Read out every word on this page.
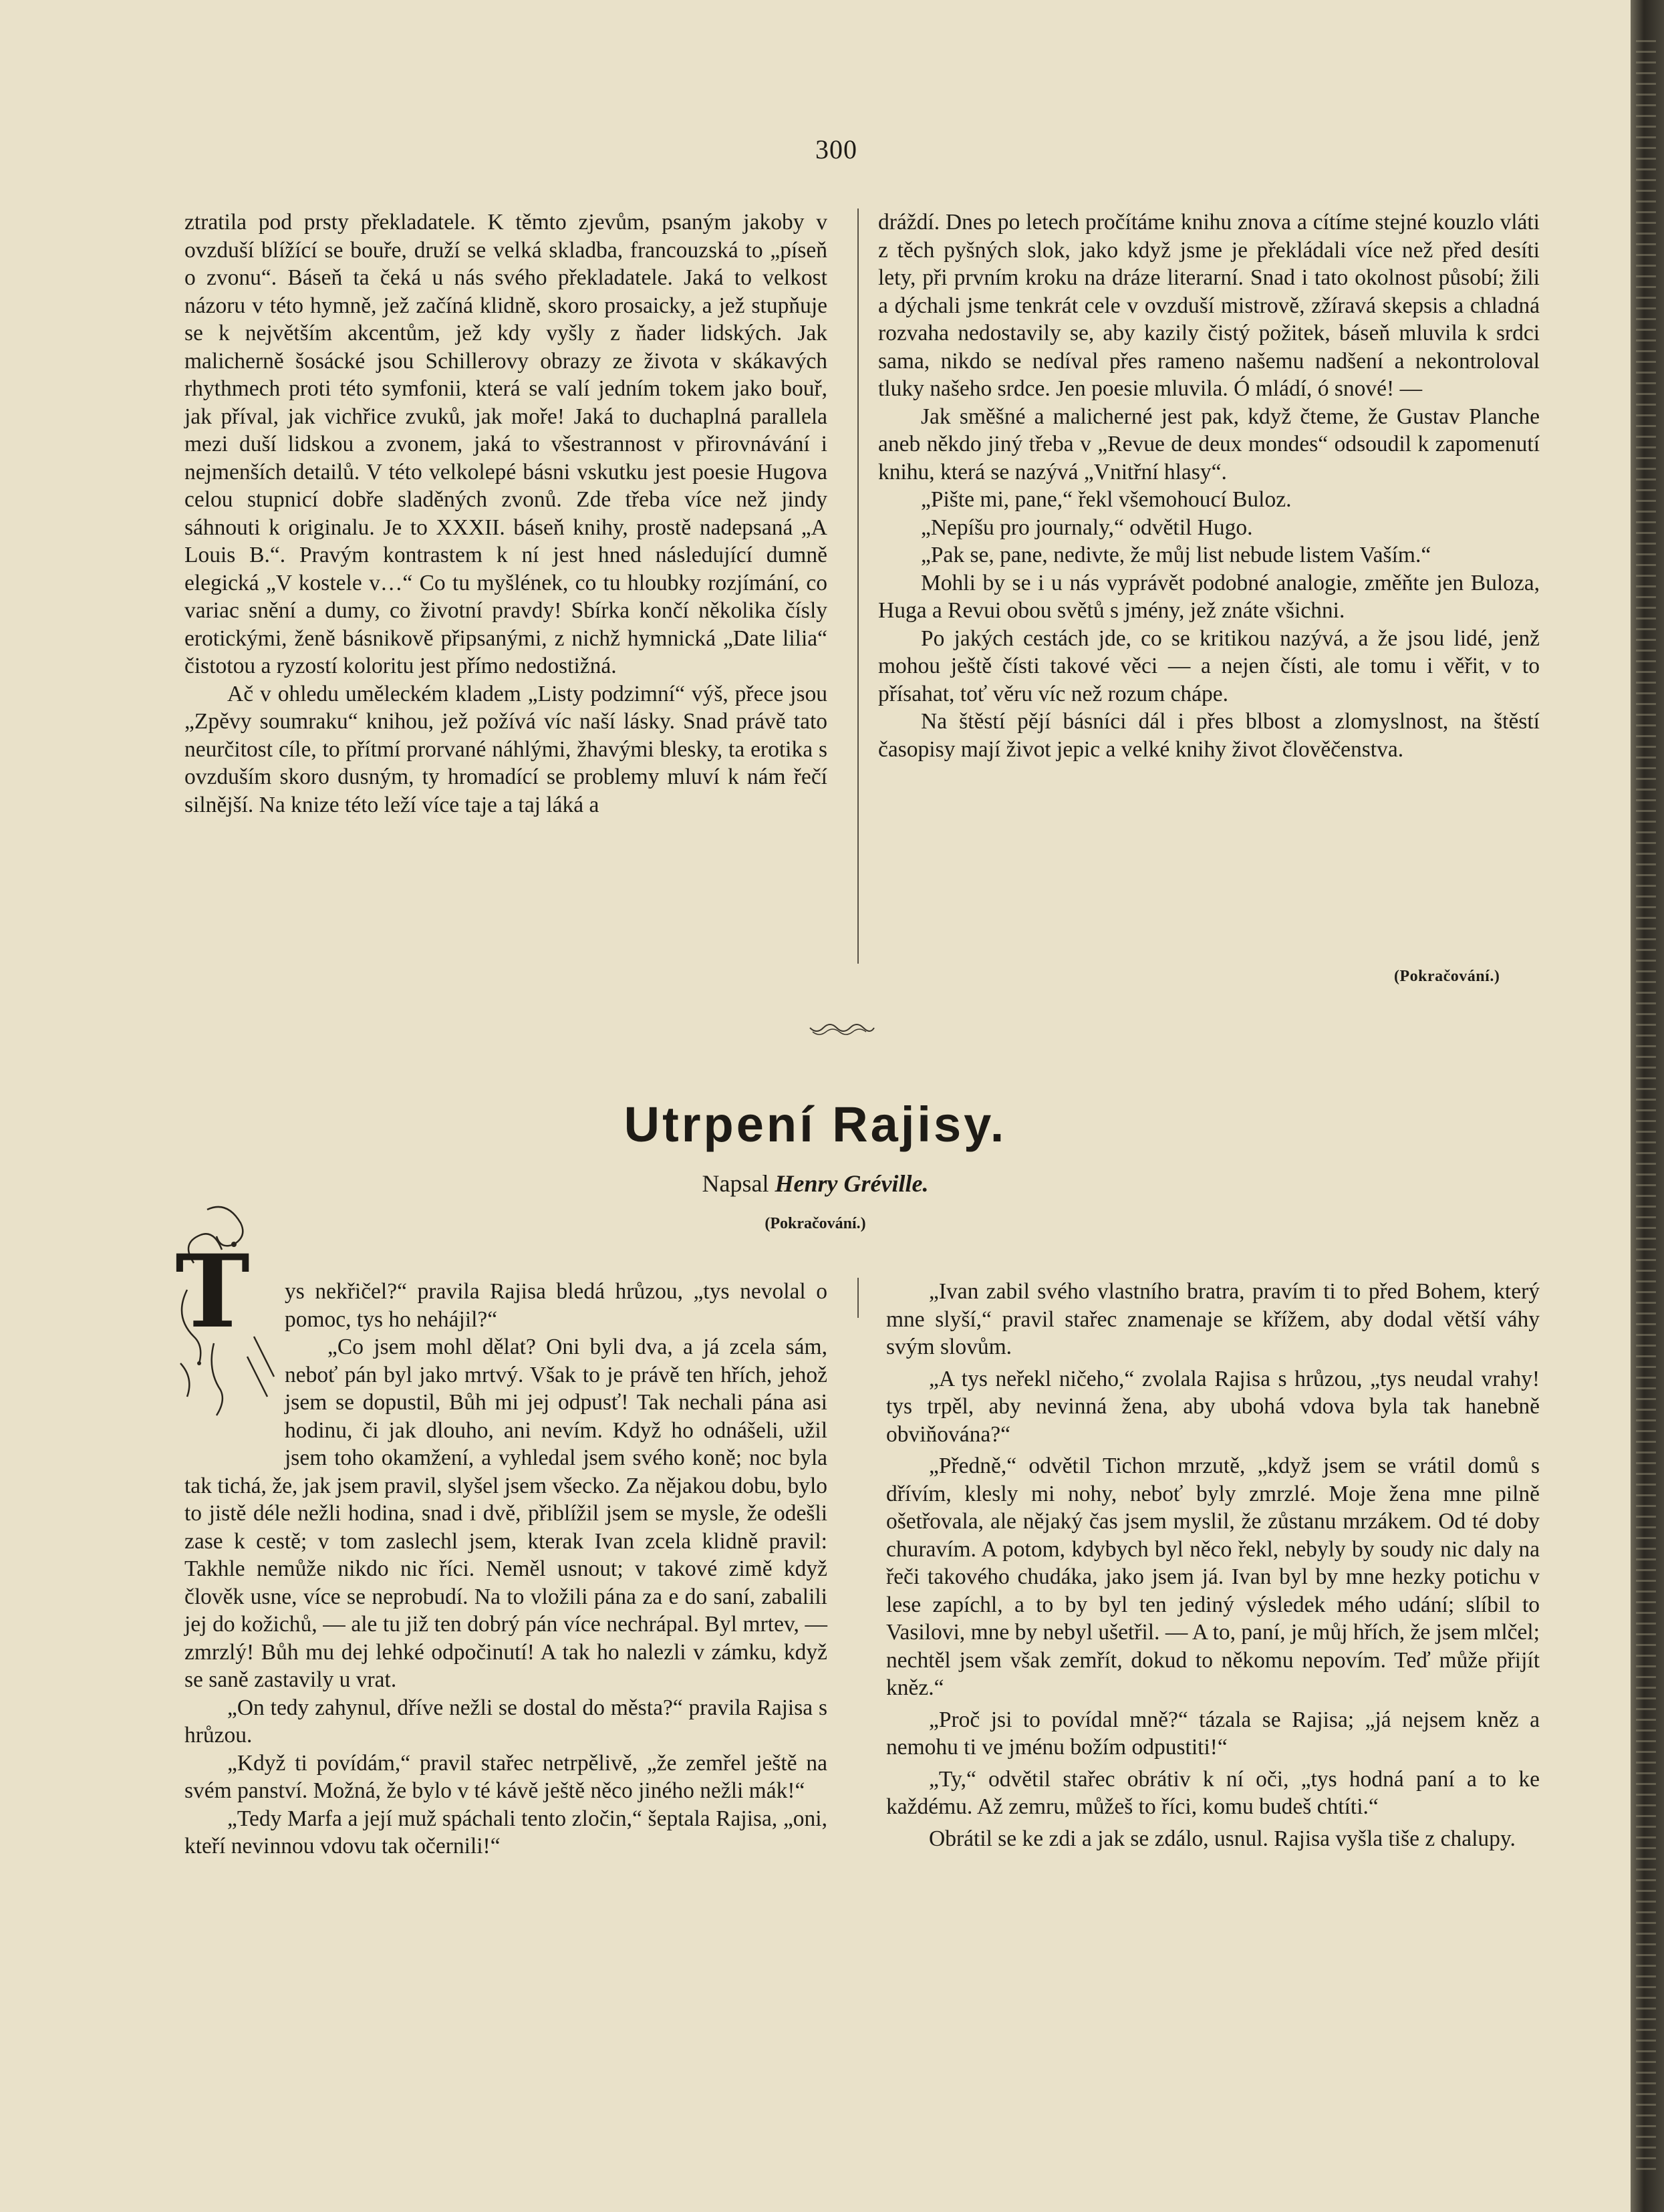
300

ztratila pod prsty překladatele. K těmto zjevům, psaným jakoby v ovzduší blížící se bouře, druží se velká skladba, francouzská to „píseň o zvonu“. Báseň ta čeká u nás svého překladatele. Jaká to velkost názoru v této hymně, jež začíná klidně, skoro prosaicky, a jež stupňuje se k největším akcentům, jež kdy vyšly z ňader lidských. Jak malicherně šosácké jsou Schillerovy obrazy ze života v skákavých rhythmech proti této symfonii, která se valí jedním tokem jako bouř, jak příval, jak vichřice zvuků, jak moře! Jaká to duchaplná parallela mezi duší lidskou a zvonem, jaká to všestrannost v přirovnávání i nejmenších detailů. V této velkolepé básni vskutku jest poesie Hugova celou stupnicí dobře sladěných zvonů. Zde třeba více než jindy sáhnouti k originalu. Je to XXXII. báseň knihy, prostě nadepsaná „A Louis B.“. Pravým kontrastem k ní jest hned následující dumně elegická „V kostele v…“ Co tu myšlének, co tu hloubky rozjímání, co variac snění a dumy, co životní pravdy! Sbírka končí několika čísly erotickými, ženě básnikově připsanými, z nichž hymnická „Date lilia“ čistotou a ryzostí koloritu jest přímo nedostižná.

Ač v ohledu uměleckém kladem „Listy podzimní“ výš, přece jsou „Zpěvy soumraku“ knihou, jež požívá víc naší lásky. Snad právě tato neurčitost cíle, to přítmí prorvané náhlými, žhavými blesky, ta erotika s ovzduším skoro dusným, ty hromadící se problemy mluví k nám řečí silnější. Na knize této leží více taje a taj láká a

dráždí. Dnes po letech pročítáme knihu znova a cítíme stejné kouzlo vláti z těch pyšných slok, jako když jsme je překládali více než před desíti lety, při prvním kroku na dráze literarní. Snad i tato okolnost působí; žili a dýchali jsme tenkrát cele v ovzduší mistrově, zžíravá skepsis a chladná rozvaha nedostavily se, aby kazily čistý požitek, báseň mluvila k srdci sama, nikdo se nedíval přes rameno našemu nadšení a nekontroloval tluky našeho srdce. Jen poesie mluvila. Ó mládí, ó snové! —

Jak směšné a malicherné jest pak, když čteme, že Gustav Planche aneb někdo jiný třeba v „Revue de deux mondes“ odsoudil k zapomenutí knihu, která se nazývá „Vnitřní hlasy“.

„Pište mi, pane,“ řekl všemohoucí Buloz.

„Nepíšu pro journaly,“ odvětil Hugo.

„Pak se, pane, nedivte, že můj list nebude listem Vaším.“

Mohli by se i u nás vyprávět podobné analogie, změňte jen Buloza, Huga a Revui obou světů s jmény, jež znáte všichni.

Po jakých cestách jde, co se kritikou nazývá, a že jsou lidé, jenž mohou ještě čísti takové věci — a nejen čísti, ale tomu i věřit, v to přísahat, toť věru víc než rozum chápe.

Na štěstí pějí básníci dál i přes blbost a zlomyslnost, na štěstí časopisy mají život jepic a velké knihy život člověčenstva.

(Pokračování.)
Utrpení Rajisy.
Napsal Henry Gréville.
(Pokračování.)

ys nekřičel?“ pravila Rajisa bledá hrůzou, „tys nevolal o pomoc, tys ho nehájil?“

„Co jsem mohl dělat? Oni byli dva, a já zcela sám, neboť pán byl jako mrtvý. Však to je právě ten hřích, jehož jsem se dopustil, Bůh mi jej odpusť! Tak nechali pána asi hodinu, či jak dlouho, ani nevím. Když ho odnášeli, užil jsem toho okamžení, a vyhledal jsem svého koně; noc byla tak tichá, že, jak jsem pravil, slyšel jsem všecko. Za nějakou dobu, bylo to jistě déle nežli hodina, snad i dvě, přiblížil jsem se mysle, že odešli zase k cestě; v tom zaslechl jsem, kterak Ivan zcela klidně pravil: Takhle nemůže nikdo nic říci. Neměl usnout; v takové zimě když člověk usne, více se neprobudí. Na to vložili pána za e do saní, zabalili jej do kožichů, — ale tu již ten dobrý pán více nechrápal. Byl mrtev, — zmrzlý! Bůh mu dej lehké odpočinutí! A tak ho nalezli v zámku, když se saně zastavily u vrat.

„On tedy zahynul, dříve nežli se dostal do města?“ pravila Rajisa s hrůzou.

„Když ti povídám,“ pravil stařec netrpělivě, „že zemřel ještě na svém panství. Možná, že bylo v té kávě ještě něco jiného nežli mák!“

„Tedy Marfa a její muž spáchali tento zločin,“ šeptala Rajisa, „oni, kteří nevinnou vdovu tak očernili!“

„Ivan zabil svého vlastního bratra, pravím ti to před Bohem, který mne slyší,“ pravil stařec znamenaje se křížem, aby dodal větší váhy svým slovům.

„A tys neřekl ničeho,“ zvolala Rajisa s hrůzou, „tys neudal vrahy! tys trpěl, aby nevinná žena, aby ubohá vdova byla tak hanebně obviňována?“

„Předně,“ odvětil Tichon mrzutě, „když jsem se vrátil domů s dřívím, klesly mi nohy, neboť byly zmrzlé. Moje žena mne pilně ošetřovala, ale nějaký čas jsem myslil, že zůstanu mrzákem. Od té doby churavím. A potom, kdybych byl něco řekl, nebyly by soudy nic daly na řeči takového chudáka, jako jsem já. Ivan byl by mne hezky potichu v lese zapíchl, a to by byl ten jediný výsledek mého udání; slíbil to Vasilovi, mne by nebyl ušetřil. — A to, paní, je můj hřích, že jsem mlčel; nechtěl jsem však zemřít, dokud to někomu nepovím. Teď může přijít kněz.“

„Proč jsi to povídal mně?“ tázala se Rajisa; „já nejsem kněz a nemohu ti ve jménu božím odpustiti!“

„Ty,“ odvětil stařec obrátiv k ní oči, „tys hodná paní a to ke každému. Až zemru, můžeš to říci, komu budeš chtíti.“

Obrátil se ke zdi a jak se zdálo, usnul. Rajisa vyšla tiše z chalupy.

T
